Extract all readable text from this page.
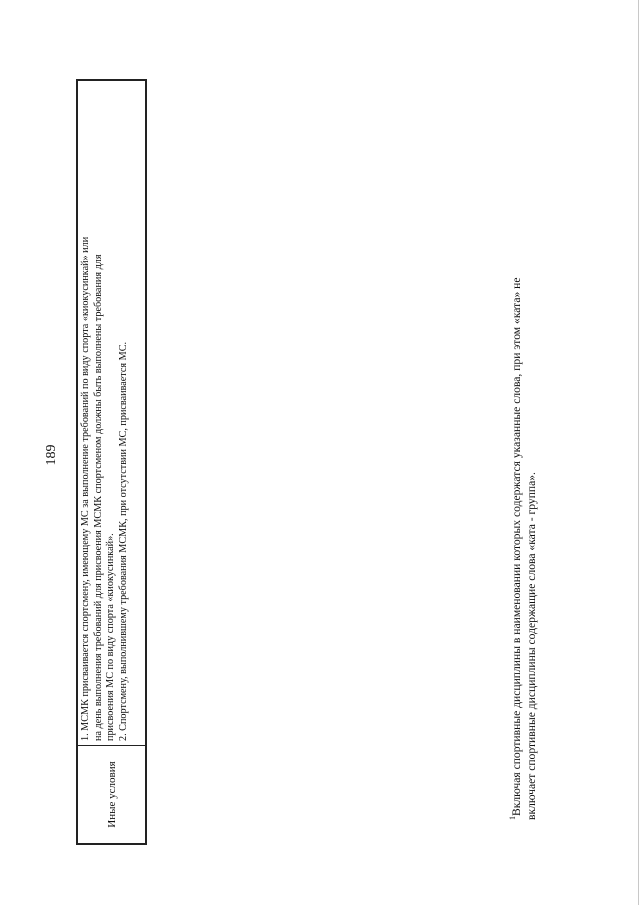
189
Иные условия
1. МСМК присваивается спортсмену, имеющему МС за выполнение требований по виду спорта «киокусинкай» или на день выполнения требований для присвоения МСМК спортсменом должны быть выполнены требования для присвоения МС по виду спорта «киокусинкай». 2. Спортсмену, выполнившему требования МСМК, при отсутствии МС, присваивается МС.
$^1$Включая спортивные дисциплины в наименовании которых содержатся указанные слова, при этом «ката» не включает спортивные дисциплины содержащие слова «ката - группа».
